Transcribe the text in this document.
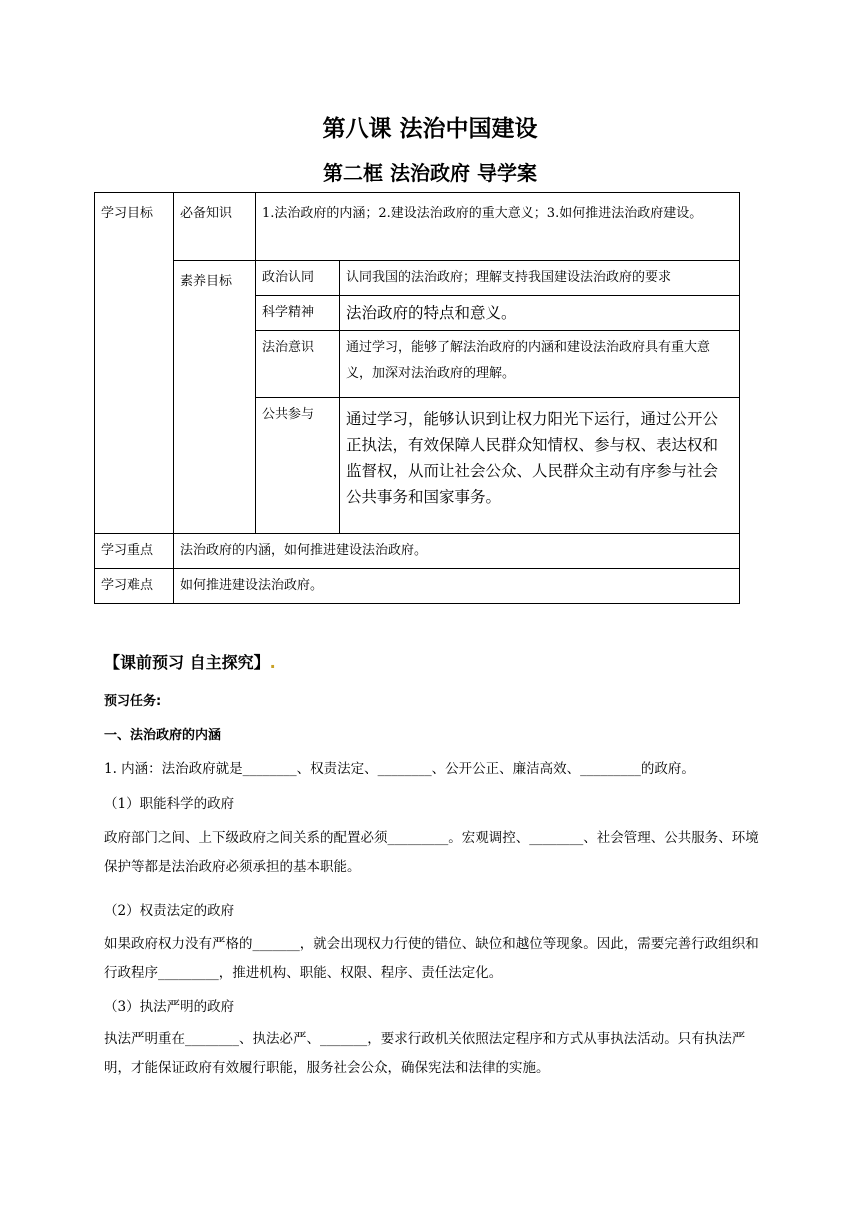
第八课 法治中国建设
第二框 法治政府 导学案
学习目标	必备知识	1.法治政府的内涵；2.建设法治政府的重大意义；3.如何推进法治政府建设。	
	素养目标	政治认同	认同我国的法治政府；理解支持我国建设法治政府的要求
		科学精神	法治政府的特点和意义。
		法治意识	通过学习，能够了解法治政府的内涵和建设法治政府具有重大意义，加深对法治政府的理解。
		公共参与	通过学习，能够认识到让权力阳光下运行，通过公开公正执法，有效保障人民群众知情权、参与权、表达权和监督权，从而让社会公众、人民群众主动有序参与社会公共事务和国家事务。
学习重点	法治政府的内涵，如何推进建设法治政府。		
学习难点	如何推进建设法治政府。		
【课前预习 自主探究】.
预习任务:
一、法治政府的内涵
1. 内涵：法治政府就是________、权责法定、________、公开公正、廉洁高效、_________的政府。
（1）职能科学的政府
政府部门之间、上下级政府之间关系的配置必须_________。宏观调控、________、社会管理、公共服务、环境保护等都是法治政府必须承担的基本职能。
（2）权责法定的政府
如果政府权力没有严格的_______，就会出现权力行使的错位、缺位和越位等现象。因此，需要完善行政组织和行政程序_________，推进机构、职能、权限、程序、责任法定化。
（3）执法严明的政府
执法严明重在________、执法必严、_______，要求行政机关依照法定程序和方式从事执法活动。只有执法严明，才能保证政府有效履行职能，服务社会公众，确保宪法和法律的实施。
